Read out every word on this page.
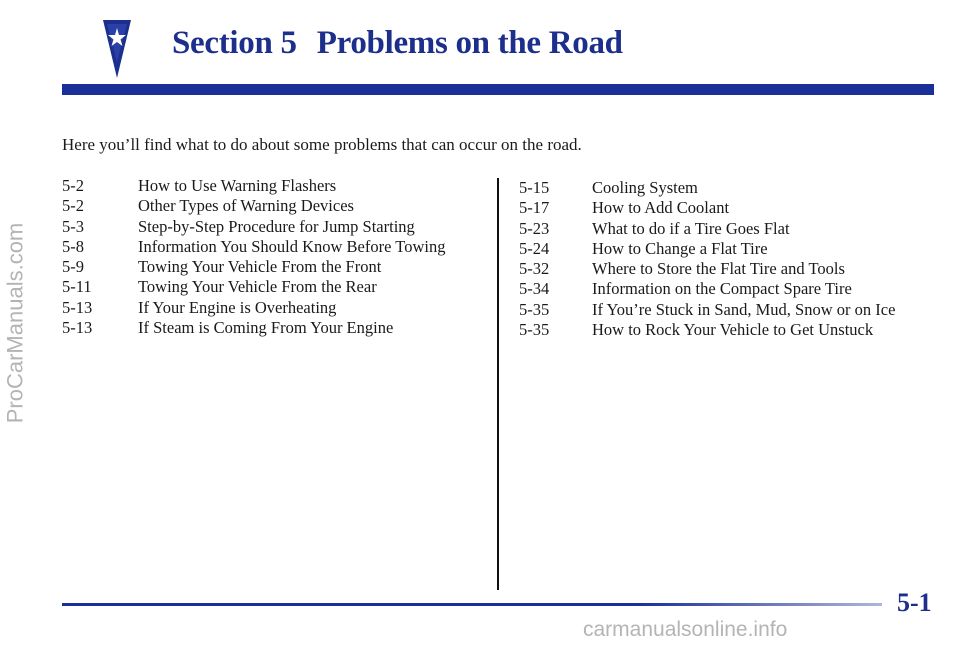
Section 5 Problems on the Road
Here you’ll find what to do about some problems that can occur on the road.
5-2	How to Use Warning Flashers
5-2	Other Types of Warning Devices
5-3	Step-by-Step Procedure for Jump Starting
5-8	Information You Should Know Before Towing
5-9	Towing Your Vehicle From the Front
5-11	Towing Your Vehicle From the Rear
5-13	If Your Engine is Overheating
5-13	If Steam is Coming From Your Engine
5-15	Cooling System
5-17	How to Add Coolant
5-23	What to do if a Tire Goes Flat
5-24	How to Change a Flat Tire
5-32	Where to Store the Flat Tire and Tools
5-34	Information on the Compact Spare Tire
5-35	If You’re Stuck in Sand, Mud, Snow or on Ice
5-35	How to Rock Your Vehicle to Get Unstuck
5-1
ProCarManuals.com
carmanualsonline.info
